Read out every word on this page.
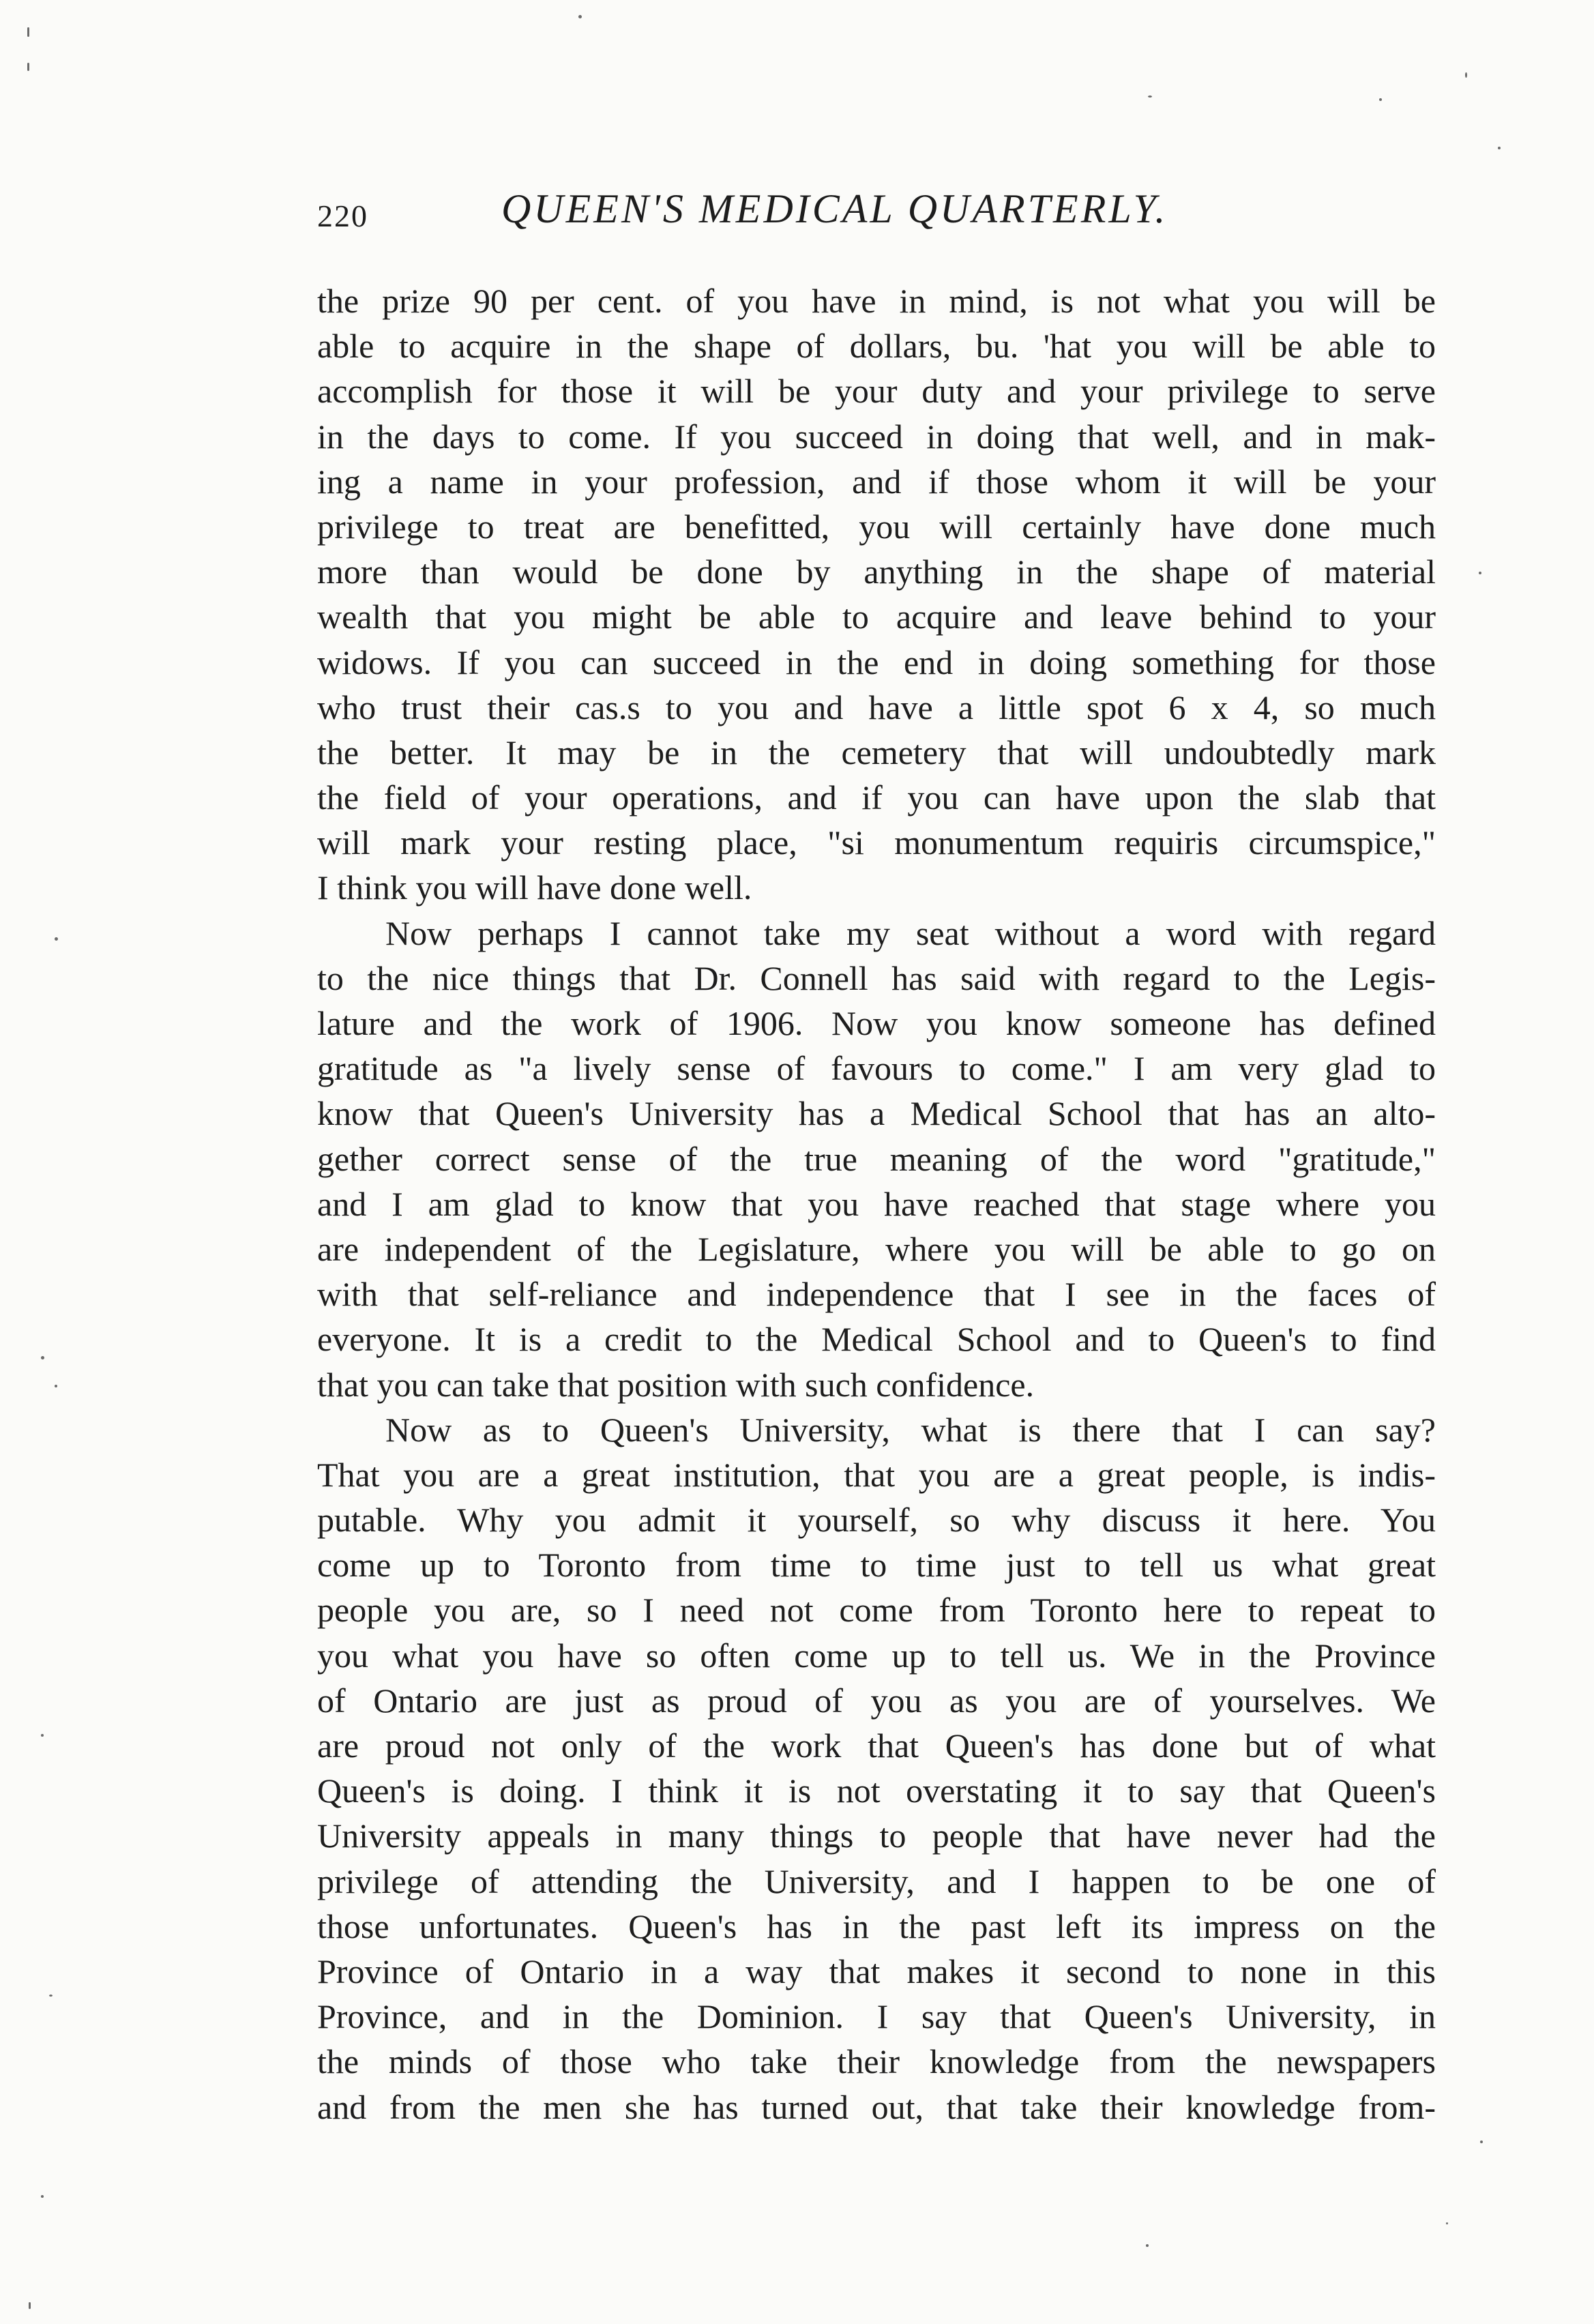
220	QUEEN'S MEDICAL QUARTERLY.
the prize 90 per cent. of you have in mind, is not what you will be
able to acquire in the shape of dollars, bu. 'hat you will be able to
accomplish for those it will be your duty and your privilege to serve
in the days to come. If you succeed in doing that well, and in mak-
ing a name in your profession, and if those whom it will be your
privilege to treat are benefitted, you will certainly have done much
more than would be done by anything in the shape of material
wealth that you might be able to acquire and leave behind to your
widows. If you can succeed in the end in doing something for those
who trust their cas.s to you and have a little spot 6 x 4, so much
the better. It may be in the cemetery that will undoubtedly mark
the field of your operations, and if you can have upon the slab that
will mark your resting place, "si monumentum requiris circumspice,"
I think you will have done well.
Now perhaps I cannot take my seat without a word with regard
to the nice things that Dr. Connell has said with regard to the Legis-
lature and the work of 1906. Now you know someone has defined
gratitude as "a lively sense of favours to come." I am very glad to
know that Queen's University has a Medical School that has an alto-
gether correct sense of the true meaning of the word "gratitude,"
and I am glad to know that you have reached that stage where you
are independent of the Legislature, where you will be able to go on
with that self-reliance and independence that I see in the faces of
everyone. It is a credit to the Medical School and to Queen's to find
that you can take that position with such confidence.
Now as to Queen's University, what is there that I can say?
That you are a great institution, that you are a great people, is indis-
putable. Why you admit it yourself, so why discuss it here. You
come up to Toronto from time to time just to tell us what great
people you are, so I need not come from Toronto here to repeat to
you what you have so often come up to tell us. We in the Province
of Ontario are just as proud of you as you are of yourselves. We
are proud not only of the work that Queen's has done but of what
Queen's is doing. I think it is not overstating it to say that Queen's
University appeals in many things to people that have never had the
privilege of attending the University, and I happen to be one of
those unfortunates. Queen's has in the past left its impress on the
Province of Ontario in a way that makes it second to none in this
Province, and in the Dominion. I say that Queen's University, in
the minds of those who take their knowledge from the newspapers
and from the men she has turned out, that take their knowledge from-
